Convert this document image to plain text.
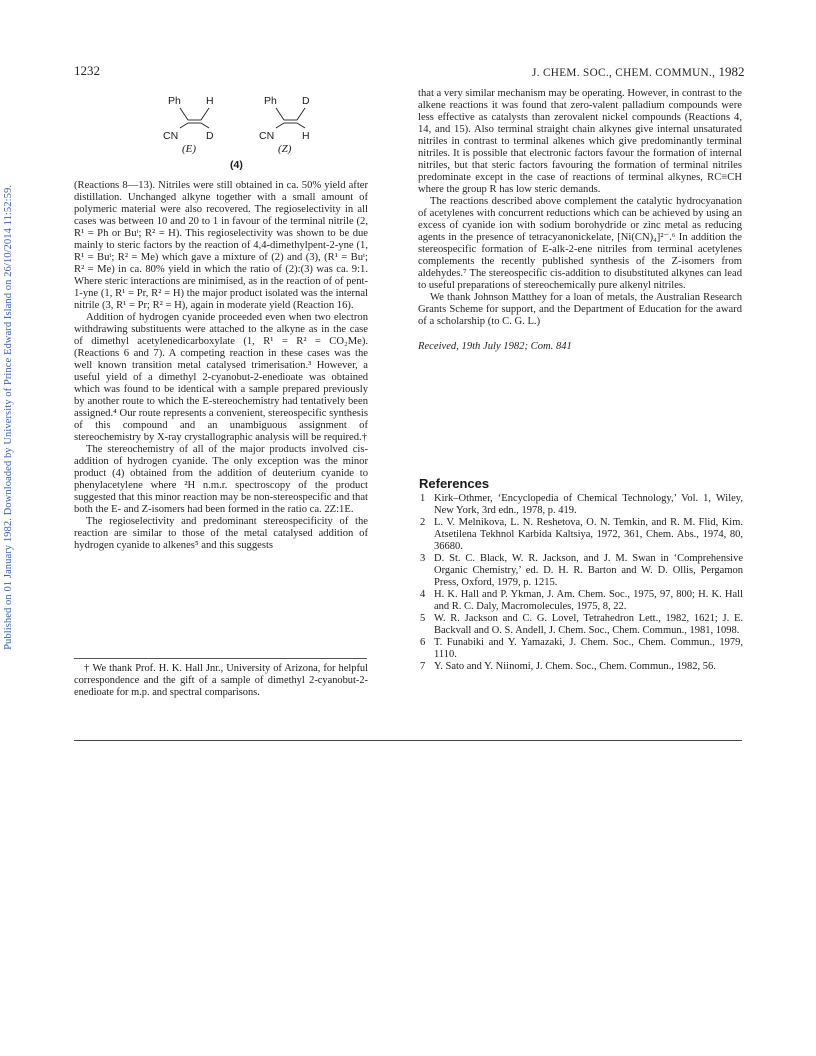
Published on 01 January 1982. Downloaded by University of Prince Edward Island on 26/10/2014 11:52:59.
1232	J. CHEM. SOC., CHEM. COMMUN., 1982
Ph H
CN	D
(E)
Ph D
CN	H
(Z)
(4)

(Reactions 8—13). Nitriles were still obtained in ca. 50% yield after distillation. Unchanged alkyne together with a small amount of polymeric material were also recovered. The regioselectivity in all cases was between 10 and 20 to 1 in favour of the terminal nitrile (2, R¹ = Ph or Buᵗ; R² = H). This regioselectivity was shown to be due mainly to steric factors by the reaction of 4,4-dimethylpent-2-yne (1, R¹ = Buᵗ; R² = Me) which gave a mixture of (2) and (3), (R¹ = Buᵗ; R² = Me) in ca. 80% yield in which the ratio of (2):(3) was ca. 9:1. Where steric interactions are minimised, as in the reaction of of pent-1-yne (1, R¹ = Pr, R² = H) the major product isolated was the internal nitrile (3, R¹ = Pr; R² = H), again in moderate yield (Reaction 16).

Addition of hydrogen cyanide proceeded even when two electron withdrawing substituents were attached to the alkyne as in the case of dimethyl acetylenedicarboxylate (1, R¹ = R² = CO₂Me). (Reactions 6 and 7). A competing reaction in these cases was the well known transition metal catalysed trimerisation.³ However, a useful yield of a dimethyl 2-cyanobut-2-enedioate was obtained which was found to be identical with a sample prepared previously by another route to which the E-stereochemistry had tentatively been assigned.⁴ Our route represents a convenient, stereospecific synthesis of this compound and an unambiguous assignment of stereochemistry by X-ray crystallographic analysis will be required.†

The stereochemistry of all of the major products involved cis-addition of hydrogen cyanide. The only exception was the minor product (4) obtained from the addition of deuterium cyanide to phenylacetylene where ²H n.m.r. spectroscopy of the product suggested that this minor reaction may be non-stereospecific and that both the E- and Z-isomers had been formed in the ratio ca. 2Z:1E.

The regioselectivity and predominant stereospecificity of the reaction are similar to those of the metal catalysed addition of hydrogen cyanide to alkenes⁵ and this suggests

† We thank Prof. H. K. Hall Jnr., University of Arizona, for helpful correspondence and the gift of a sample of dimethyl 2-cyanobut-2-enedioate for m.p. and spectral comparisons.

that a very similar mechanism may be operating. However, in contrast to the alkene reactions it was found that zero-valent palladium compounds were less effective as catalysts than zerovalent nickel compounds (Reactions 4, 14, and 15). Also terminal straight chain alkynes give internal unsaturated nitriles in contrast to terminal alkenes which give predominantly terminal nitriles. It is possible that electronic factors favour the formation of internal nitriles, but that steric factors favouring the formation of terminal nitriles predominate except in the case of reactions of terminal alkynes, RC≡CH where the group R has low steric demands.

The reactions described above complement the catalytic hydrocyanation of acetylenes with concurrent reductions which can be achieved by using an excess of cyanide ion with sodium borohydride or zinc metal as reducing agents in the presence of tetracyanonickelate, [Ni(CN)₄]²⁻.⁶ In addition the stereospecific formation of E-alk-2-ene nitriles from terminal acetylenes complements the recently published synthesis of the Z-isomers from aldehydes.⁷ The stereospecific cis-addition to disubstituted alkynes can lead to useful preparations of stereochemically pure alkenyl nitriles.

We thank Johnson Matthey for a loan of metals, the Australian Research Grants Scheme for support, and the Department of Education for the award of a scholarship (to C. G. L.)

Received, 19th July 1982; Com. 841

References
1 Kirk–Othmer, ‘Encyclopedia of Chemical Technology,’ Vol. 1, Wiley, New York, 3rd edn., 1978, p. 419.
2 L. V. Melnikova, L. N. Reshetova, O. N. Temkin, and R. M. Flid, Kim. Atsetilena Tekhnol Karbida Kaltsiya, 1972, 361, Chem. Abs., 1974, 80, 36680.
3 D. St. C. Black, W. R. Jackson, and J. M. Swan in ‘Comprehensive Organic Chemistry,’ ed. D. H. R. Barton and W. D. Ollis, Pergamon Press, Oxford, 1979, p. 1215.
4 H. K. Hall and P. Ykman, J. Am. Chem. Soc., 1975, 97, 800; H. K. Hall and R. C. Daly, Macromolecules, 1975, 8, 22.
5 W. R. Jackson and C. G. Lovel, Tetrahedron Lett., 1982, 1621; J. E. Backvall and O. S. Andell, J. Chem. Soc., Chem. Commun., 1981, 1098.
6 T. Funabiki and Y. Yamazaki, J. Chem. Soc., Chem. Commun., 1979, 1110.
7 Y. Sato and Y. Niinomi, J. Chem. Soc., Chem. Commun., 1982, 56.
